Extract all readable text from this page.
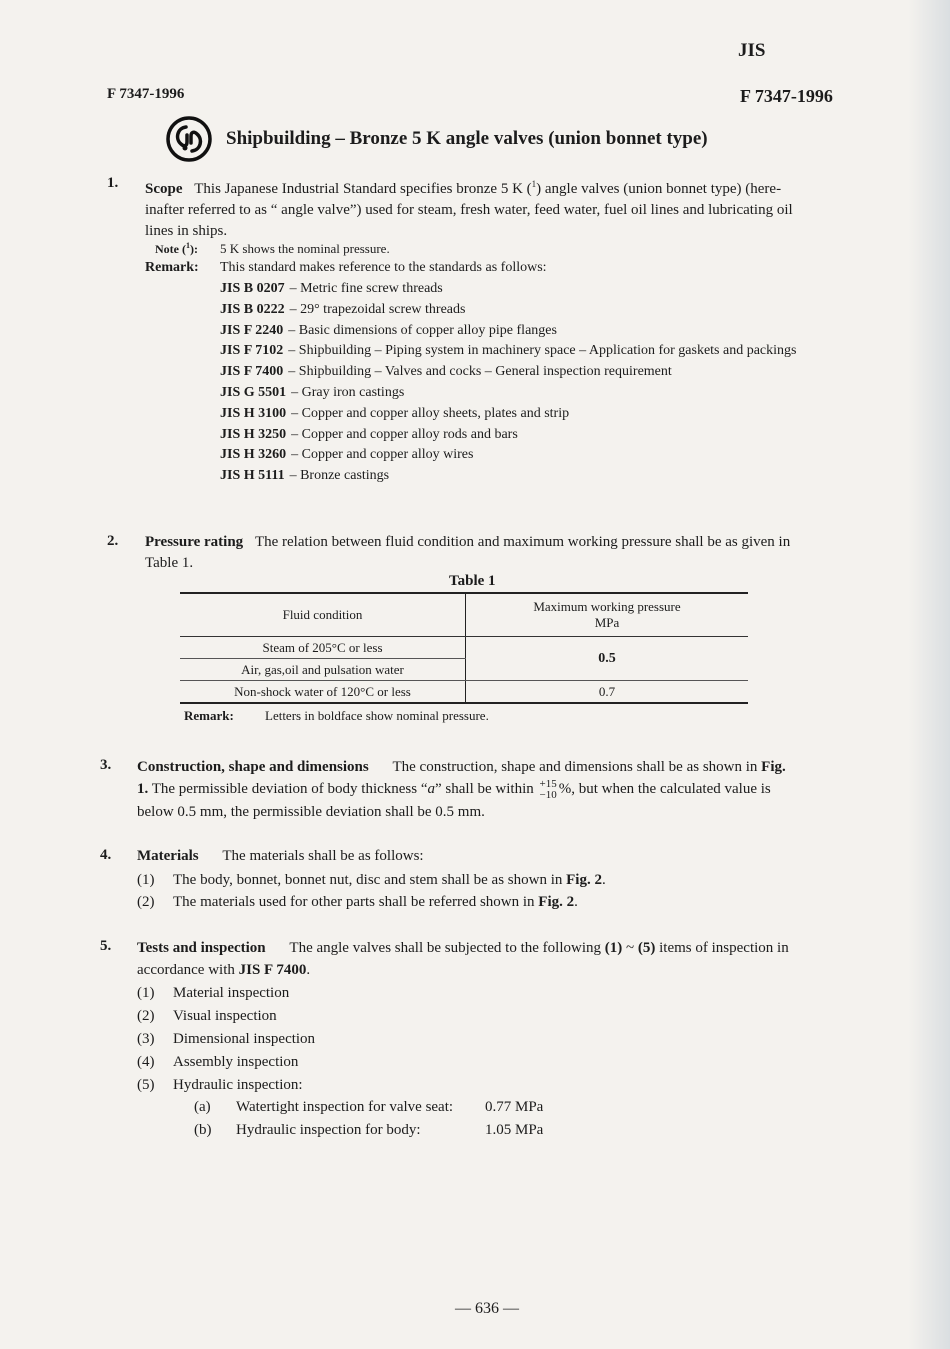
JIS
F 7347-1996	F 7347-1996
Shipbuilding – Bronze 5 K angle valves (union bonnet type)
1. Scope This Japanese Industrial Standard specifies bronze 5 K ($^1$) angle valves (union bonnet type) (here-
inafter referred to as “ angle valve”) used for steam, fresh water, feed water, fuel oil lines and lubricating oil
lines in ships.
Note ($^1$): 5 K shows the nominal pressure.
Remark: This standard makes reference to the standards as follows:
JIS B 0207 – Metric fine screw threads
JIS B 0222 – 29° trapezoidal screw threads
JIS F 2240 – Basic dimensions of copper alloy pipe flanges
JIS F 7102 – Shipbuilding – Piping system in machinery space – Application for gaskets and packings
JIS F 7400 – Shipbuilding – Valves and cocks – General inspection requirement
JIS G 5501 – Gray iron castings
JIS H 3100 – Copper and copper alloy sheets, plates and strip
JIS H 3250 – Copper and copper alloy rods and bars
JIS H 3260 – Copper and copper alloy wires
JIS H 5111 – Bronze castings
2. Pressure rating The relation between fluid condition and maximum working pressure shall be as given in
Table 1.
Table 1
Fluid condition	Maximum working pressure
MPa

Steam of 205°C or less	0.5
Air, gas,oil and pulsation water	
Non-shock water of 120°C or less	0.7
Remark: Letters in boldface show nominal pressure.
3. Construction, shape and dimensions The construction, shape and dimensions shall be as shown in Fig.
1. The permissible deviation of body thickness “a” shall be within +15
−10 %, but when the calculated value is
below 0.5 mm, the permissible deviation shall be 0.5 mm.
4. Materials The materials shall be as follows:
(1) The body, bonnet, bonnet nut, disc and stem shall be as shown in Fig. 2.
(2) The materials used for other parts shall be referred shown in Fig. 2.
5. Tests and inspection The angle valves shall be subjected to the following (1) ~ (5) items of inspection in
accordance with JIS F 7400.
(1) Material inspection
(2) Visual inspection
(3) Dimensional inspection
(4) Assembly inspection
(5) Hydraulic inspection:
(a) Watertight inspection for valve seat: 0.77 MPa
(b) Hydraulic inspection for body:	1.05 MPa
— 636 —
